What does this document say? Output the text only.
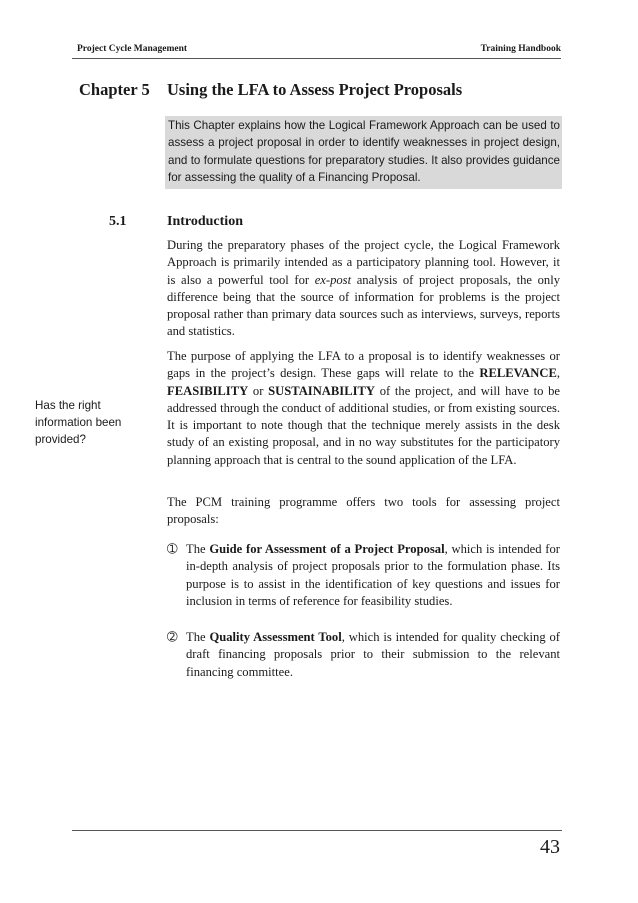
Project Cycle Management	Training Handbook
Chapter 5 Using the LFA to Assess Project Proposals
This Chapter explains how the Logical Framework Approach can be used to assess a project proposal in order to identify weaknesses in project design, and to formulate questions for preparatory studies. It also provides guidance for assessing the quality of a Financing Proposal.
5.1	Introduction
During the preparatory phases of the project cycle, the Logical Framework Approach is primarily intended as a participatory planning tool. However, it is also a powerful tool for ex-post analysis of project proposals, the only difference being that the source of information for problems is the project proposal rather than primary data sources such as interviews, surveys, reports and statistics.
Has the right information been provided?
The purpose of applying the LFA to a proposal is to identify weaknesses or gaps in the project’s design. These gaps will relate to the RELEVANCE, FEASIBILITY or SUSTAINABILITY of the project, and will have to be addressed through the conduct of additional studies, or from existing sources. It is important to note though that the technique merely assists in the desk study of an existing proposal, and in no way substitutes for the participatory planning approach that is central to the sound application of the LFA.
The PCM training programme offers two tools for assessing project proposals:
➀ The Guide for Assessment of a Project Proposal, which is intended for in-depth analysis of project proposals prior to the formulation phase. Its purpose is to assist in the identification of key questions and issues for inclusion in terms of reference for feasibility studies.
➁ The Quality Assessment Tool, which is intended for quality checking of draft financing proposals prior to their submission to the relevant financing committee.
43
